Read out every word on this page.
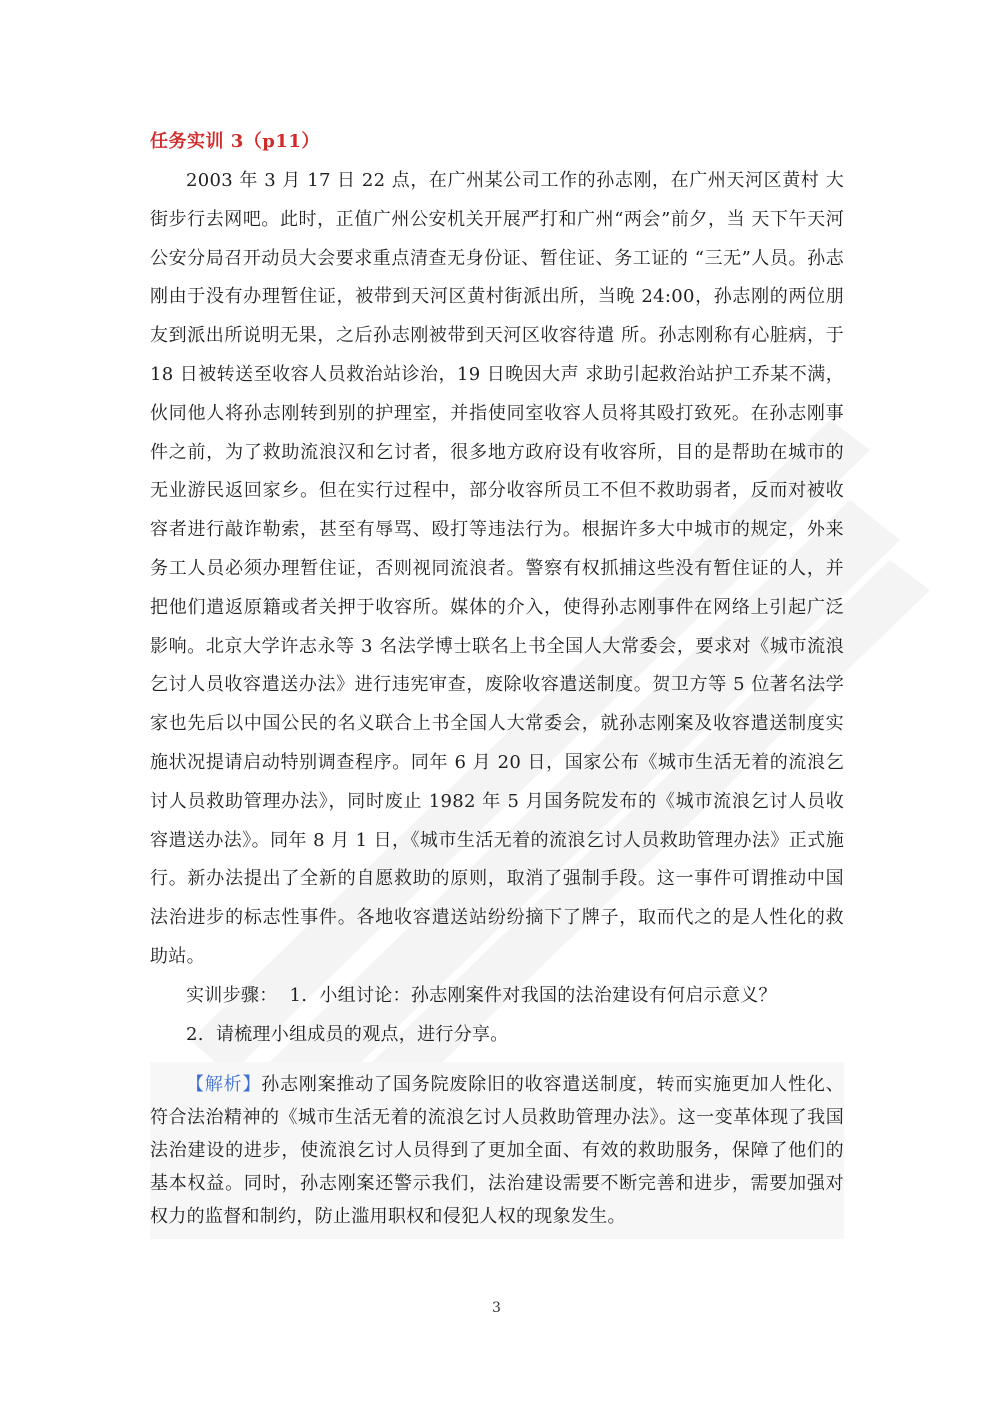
任务实训 3（p11）

2003 年 3 月 17 日 22 点，在广州某公司工作的孙志刚，在广州天河区黄村 大街步行去网吧。此时，正值广州公安机关开展严打和广州“两会”前夕，当 天下午天河公安分局召开动员大会要求重点清查无身份证、暂住证、务工证的 “三无”人员。孙志刚由于没有办理暂住证，被带到天河区黄村街派出所，当晚 24:00，孙志刚的两位朋友到派出所说明无果，之后孙志刚被带到天河区收容待遣 所。孙志刚称有心脏病，于 18 日被转送至收容人员救治站诊治，19 日晚因大声 求助引起救治站护工乔某不满，伙同他人将孙志刚转到别的护理室，并指使同室收容人员将其殴打致死。在孙志刚事件之前，为了救助流浪汉和乞讨者，很多地方政府设有收容所，目的是帮助在城市的无业游民返回家乡。但在实行过程中，部分收容所员工不但不救助弱者，反而对被收容者进行敲诈勒索，甚至有辱骂、殴打等违法行为。根据许多大中城市的规定，外来务工人员必须办理暂住证，否则视同流浪者。警察有权抓捕这些没有暂住证的人，并把他们遣返原籍或者关押于收容所。媒体的介入，使得孙志刚事件在网络上引起广泛影响。北京大学许志永等 3 名法学博士联名上书全国人大常委会，要求对《城市流浪乞讨人员收容遣送办法》进行违宪审查，废除收容遣送制度。贺卫方等 5 位著名法学家也先后以中国公民的名义联合上书全国人大常委会，就孙志刚案及收容遣送制度实施状况提请启动特别调查程序。同年 6 月 20 日，国家公布《城市生活无着的流浪乞讨人员救助管理办法》，同时废止 1982 年 5 月国务院发布的《城市流浪乞讨人员收容遣送办法》。同年 8 月 1 日，《城市生活无着的流浪乞讨人员救助管理办法》正式施行。新办法提出了全新的自愿救助的原则，取消了强制手段。这一事件可谓推动中国法治进步的标志性事件。各地收容遣送站纷纷摘下了牌子，取而代之的是人性化的救助站。

实训步骤： 1. 小组讨论：孙志刚案件对我国的法治建设有何启示意义？

2. 请梳理小组成员的观点，进行分享。

【解析】孙志刚案推动了国务院废除旧的收容遣送制度，转而实施更加人性化、符合法治精神的《城市生活无着的流浪乞讨人员救助管理办法》。这一变革体现了我国法治建设的进步，使流浪乞讨人员得到了更加全面、有效的救助服务，保障了他们的基本权益。同时，孙志刚案还警示我们，法治建设需要不断完善和进步，需要加强对权力的监督和制约，防止滥用职权和侵犯人权的现象发生。
3
